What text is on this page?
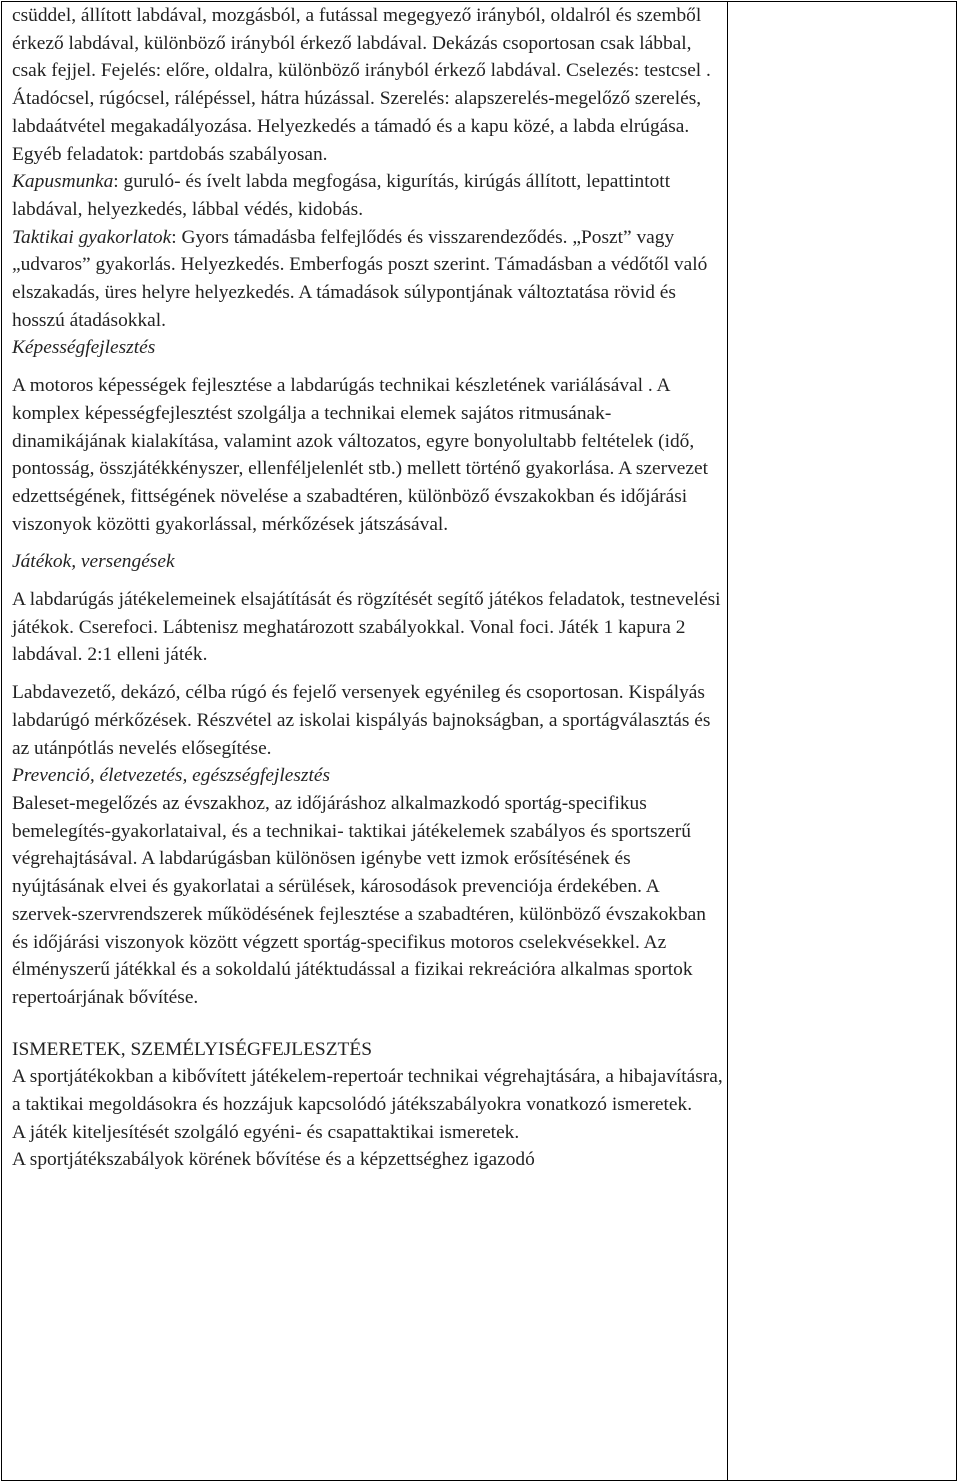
csüddel, állított labdával, mozgásból, a futással megegyező irányból, oldalról és szemből érkező labdával, különböző irányból érkező labdával. Dekázás csoportosan csak lábbal, csak fejjel. Fejelés: előre, oldalra, különböző irányból érkező labdával. Cselezés: testcsel . Átadócsel, rúgócsel, rálépéssel, hátra húzással. Szerelés: alapszerelés-megelőző szerelés, labdaátvétel megakadályozása. Helyezkedés a támadó és a kapu közé, a labda elrúgása. Egyéb feladatok: partdobás szabályosan.

Kapusmunka: guruló- és ívelt labda megfogása, kigurítás, kirúgás állított, lepattintott labdával, helyezkedés, lábbal védés, kidobás.

Taktikai gyakorlatok: Gyors támadásba felfejlődés és visszarendeződés. „Poszt” vagy „udvaros” gyakorlás. Helyezkedés. Emberfogás poszt szerint. Támadásban a védőtől való elszakadás, üres helyre helyezkedés. A támadások súlypontjának változtatása rövid és hosszú átadásokkal.

Képességfejlesztés

A motoros képességek fejlesztése a labdarúgás technikai készletének variálásával . A komplex képességfejlesztést szolgálja a technikai elemek sajátos ritmusának-dinamikájának kialakítása, valamint azok változatos, egyre bonyolultabb feltételek (idő, pontosság, összjátékkényszer, ellenféljelenlét stb.) mellett történő gyakorlása. A szervezet edzettségének, fittségének növelése a szabadtéren, különböző évszakokban és időjárási viszonyok közötti gyakorlással, mérkőzések játszásával.

Játékok, versengések

A labdarúgás játékelemeinek elsajátítását és rögzítését segítő játékos feladatok, testnevelési játékok. Cserefoci. Lábtenisz meghatározott szabályokkal. Vonal foci. Játék 1 kapura 2 labdával. 2:1 elleni játék.

Labdavezető, dekázó, célba rúgó és fejelő versenyek egyénileg és csoportosan. Kispályás labdarúgó mérkőzések. Részvétel az iskolai kispályás bajnokságban, a sportágválasztás és az utánpótlás nevelés elősegítése.

Prevenció, életvezetés, egészségfejlesztés

Baleset-megelőzés az évszakhoz, az időjáráshoz alkalmazkodó sportág-specifikus bemelegítés-gyakorlataival, és a technikai- taktikai játékelemek szabályos és sportszerű végrehajtásával. A labdarúgásban különösen igénybe vett izmok erősítésének és nyújtásának elvei és gyakorlatai a sérülések, károsodások prevenciója érdekében. A szervek-szervrendszerek működésének fejlesztése a szabadtéren, különböző évszakokban és időjárási viszonyok között végzett sportág-specifikus motoros cselekvésekkel. Az élményszerű játékkal és a sokoldalú játéktudással a fizikai rekreációra alkalmas sportok repertoárjának bővítése.

ISMERETEK, SZEMÉLYISÉGFEJLESZTÉS

A sportjátékokban a kibővített játékelem-repertoár technikai végrehajtására, a hibajavításra, a taktikai megoldásokra és hozzájuk kapcsolódó játékszabályokra vonatkozó ismeretek.

A játék kiteljesítését szolgáló egyéni- és csapattaktikai ismeretek.

A sportjátékszabályok körének bővítése és a képzettséghez igazodó
